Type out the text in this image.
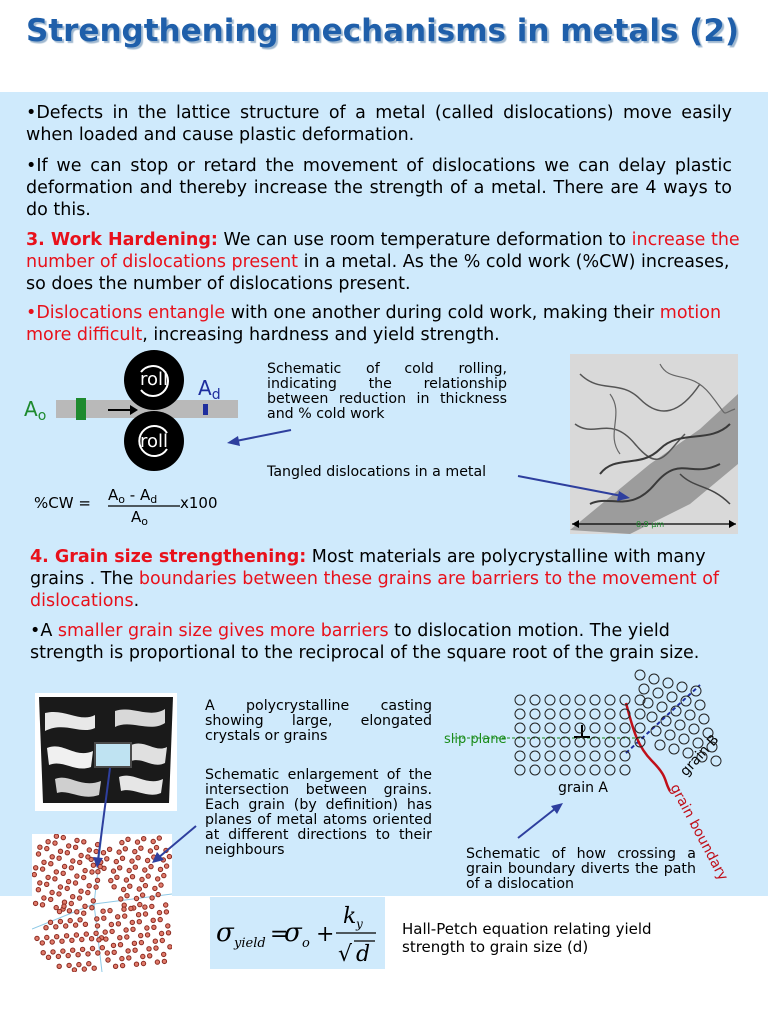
Strengthening mechanisms in metals (2)
•Defects in the lattice structure of a metal (called dislocations) move easily when loaded and cause plastic deformation.
•If we can stop or retard the movement of dislocations we can delay plastic deformation and thereby increase the strength of a metal. There are 4 ways to do this.
3. Work Hardening: We can use room temperature deformation to increase the number of dislocations present in a metal. As the % cold work (%CW) increases, so does the number of dislocations present.
•Dislocations entangle with one another during cold work, making their motion more difficult, increasing hardness and yield strength.
roll
roll
$A_o$
$A_d$
$\%CW = A_o - A_d$
$A_o$
x100
Schematic of cold rolling, indicating the relationship between reduction in thickness and % cold work
Tangled dislocations in a metal
0.9 μm
4. Grain size strengthening: Most materials are polycrystalline with many grains . The boundaries between these grains are barriers to the movement of dislocations.
•A smaller grain size gives more barriers to dislocation motion. The yield strength is proportional to the reciprocal of the square root of the grain size.
A polycrystalline casting showing large, elongated crystals or grains
Schematic enlargement of the intersection between grains. Each grain (by definition) has planes of metal atoms oriented at different directions to their neighbours
slip plane
grain A
grain B
grain boundary
Schematic of how crossing a grain boundary diverts the path of a dislocation
σ yield =
σ o +
k y
√ d
Hall-Petch equation relating yield strength to grain size (d)
